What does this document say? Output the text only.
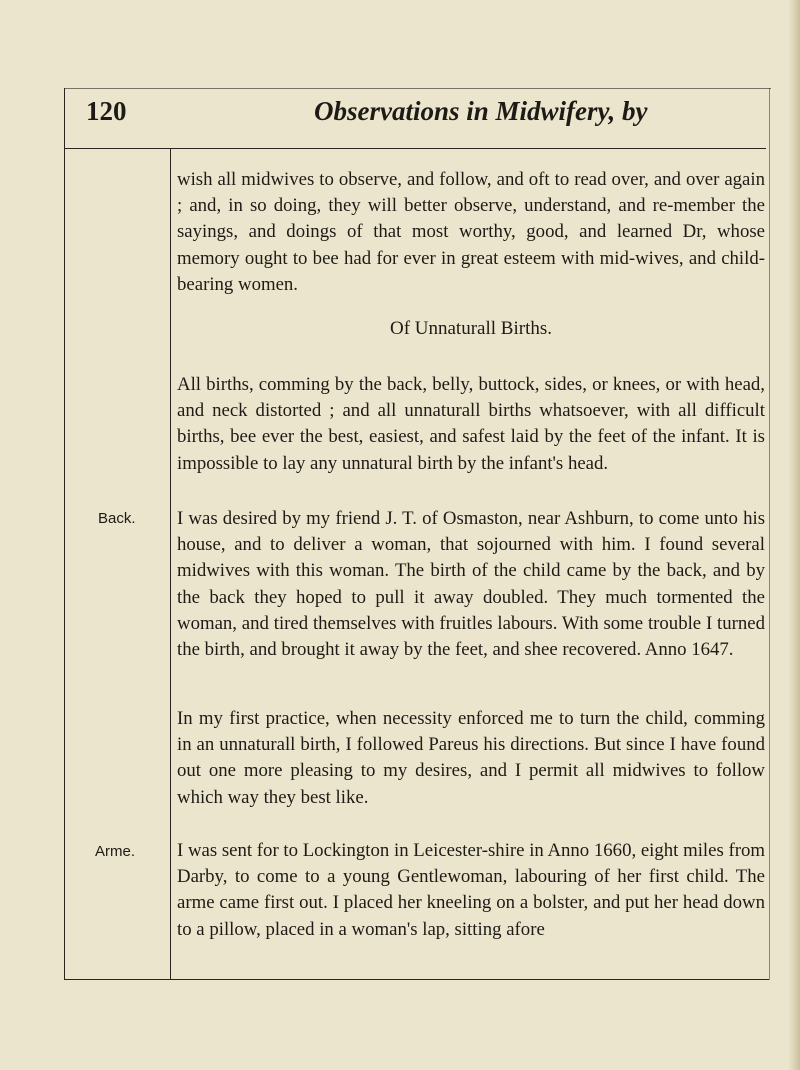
120	Observations in Midwifery, by
Back.
Arme.

wish all midwives to observe, and follow, and oft to read over, and over again ; and, in so doing, they will better observe, understand, and re-member the sayings, and doings of that most worthy, good, and learned Dr, whose memory ought to bee had for ever in great esteem with mid-wives, and child-bearing women.

Of Unnaturall Births.

All births, comming by the back, belly, buttock, sides, or knees, or with head, and neck distorted ; and all unnaturall births whatsoever, with all difficult births, bee ever the best, easiest, and safest laid by the feet of the infant. It is impossible to lay any unnatural birth by the infant's head.

I was desired by my friend J. T. of Osmaston, near Ashburn, to come unto his house, and to deliver a woman, that sojourned with him. I found several midwives with this woman. The birth of the child came by the back, and by the back they hoped to pull it away doubled. They much tormented the woman, and tired themselves with fruitles labours. With some trouble I turned the birth, and brought it away by the feet, and shee recovered. Anno 1647.

In my first practice, when necessity enforced me to turn the child, comming in an unnaturall birth, I followed Pareus his directions. But since I have found out one more pleasing to my desires, and I permit all midwives to follow which way they best like.

I was sent for to Lockington in Leicester-shire in Anno 1660, eight miles from Darby, to come to a young Gentlewoman, labouring of her first child. The arme came first out. I placed her kneeling on a bolster, and put her head down to a pillow, placed in a woman's lap, sitting afore
